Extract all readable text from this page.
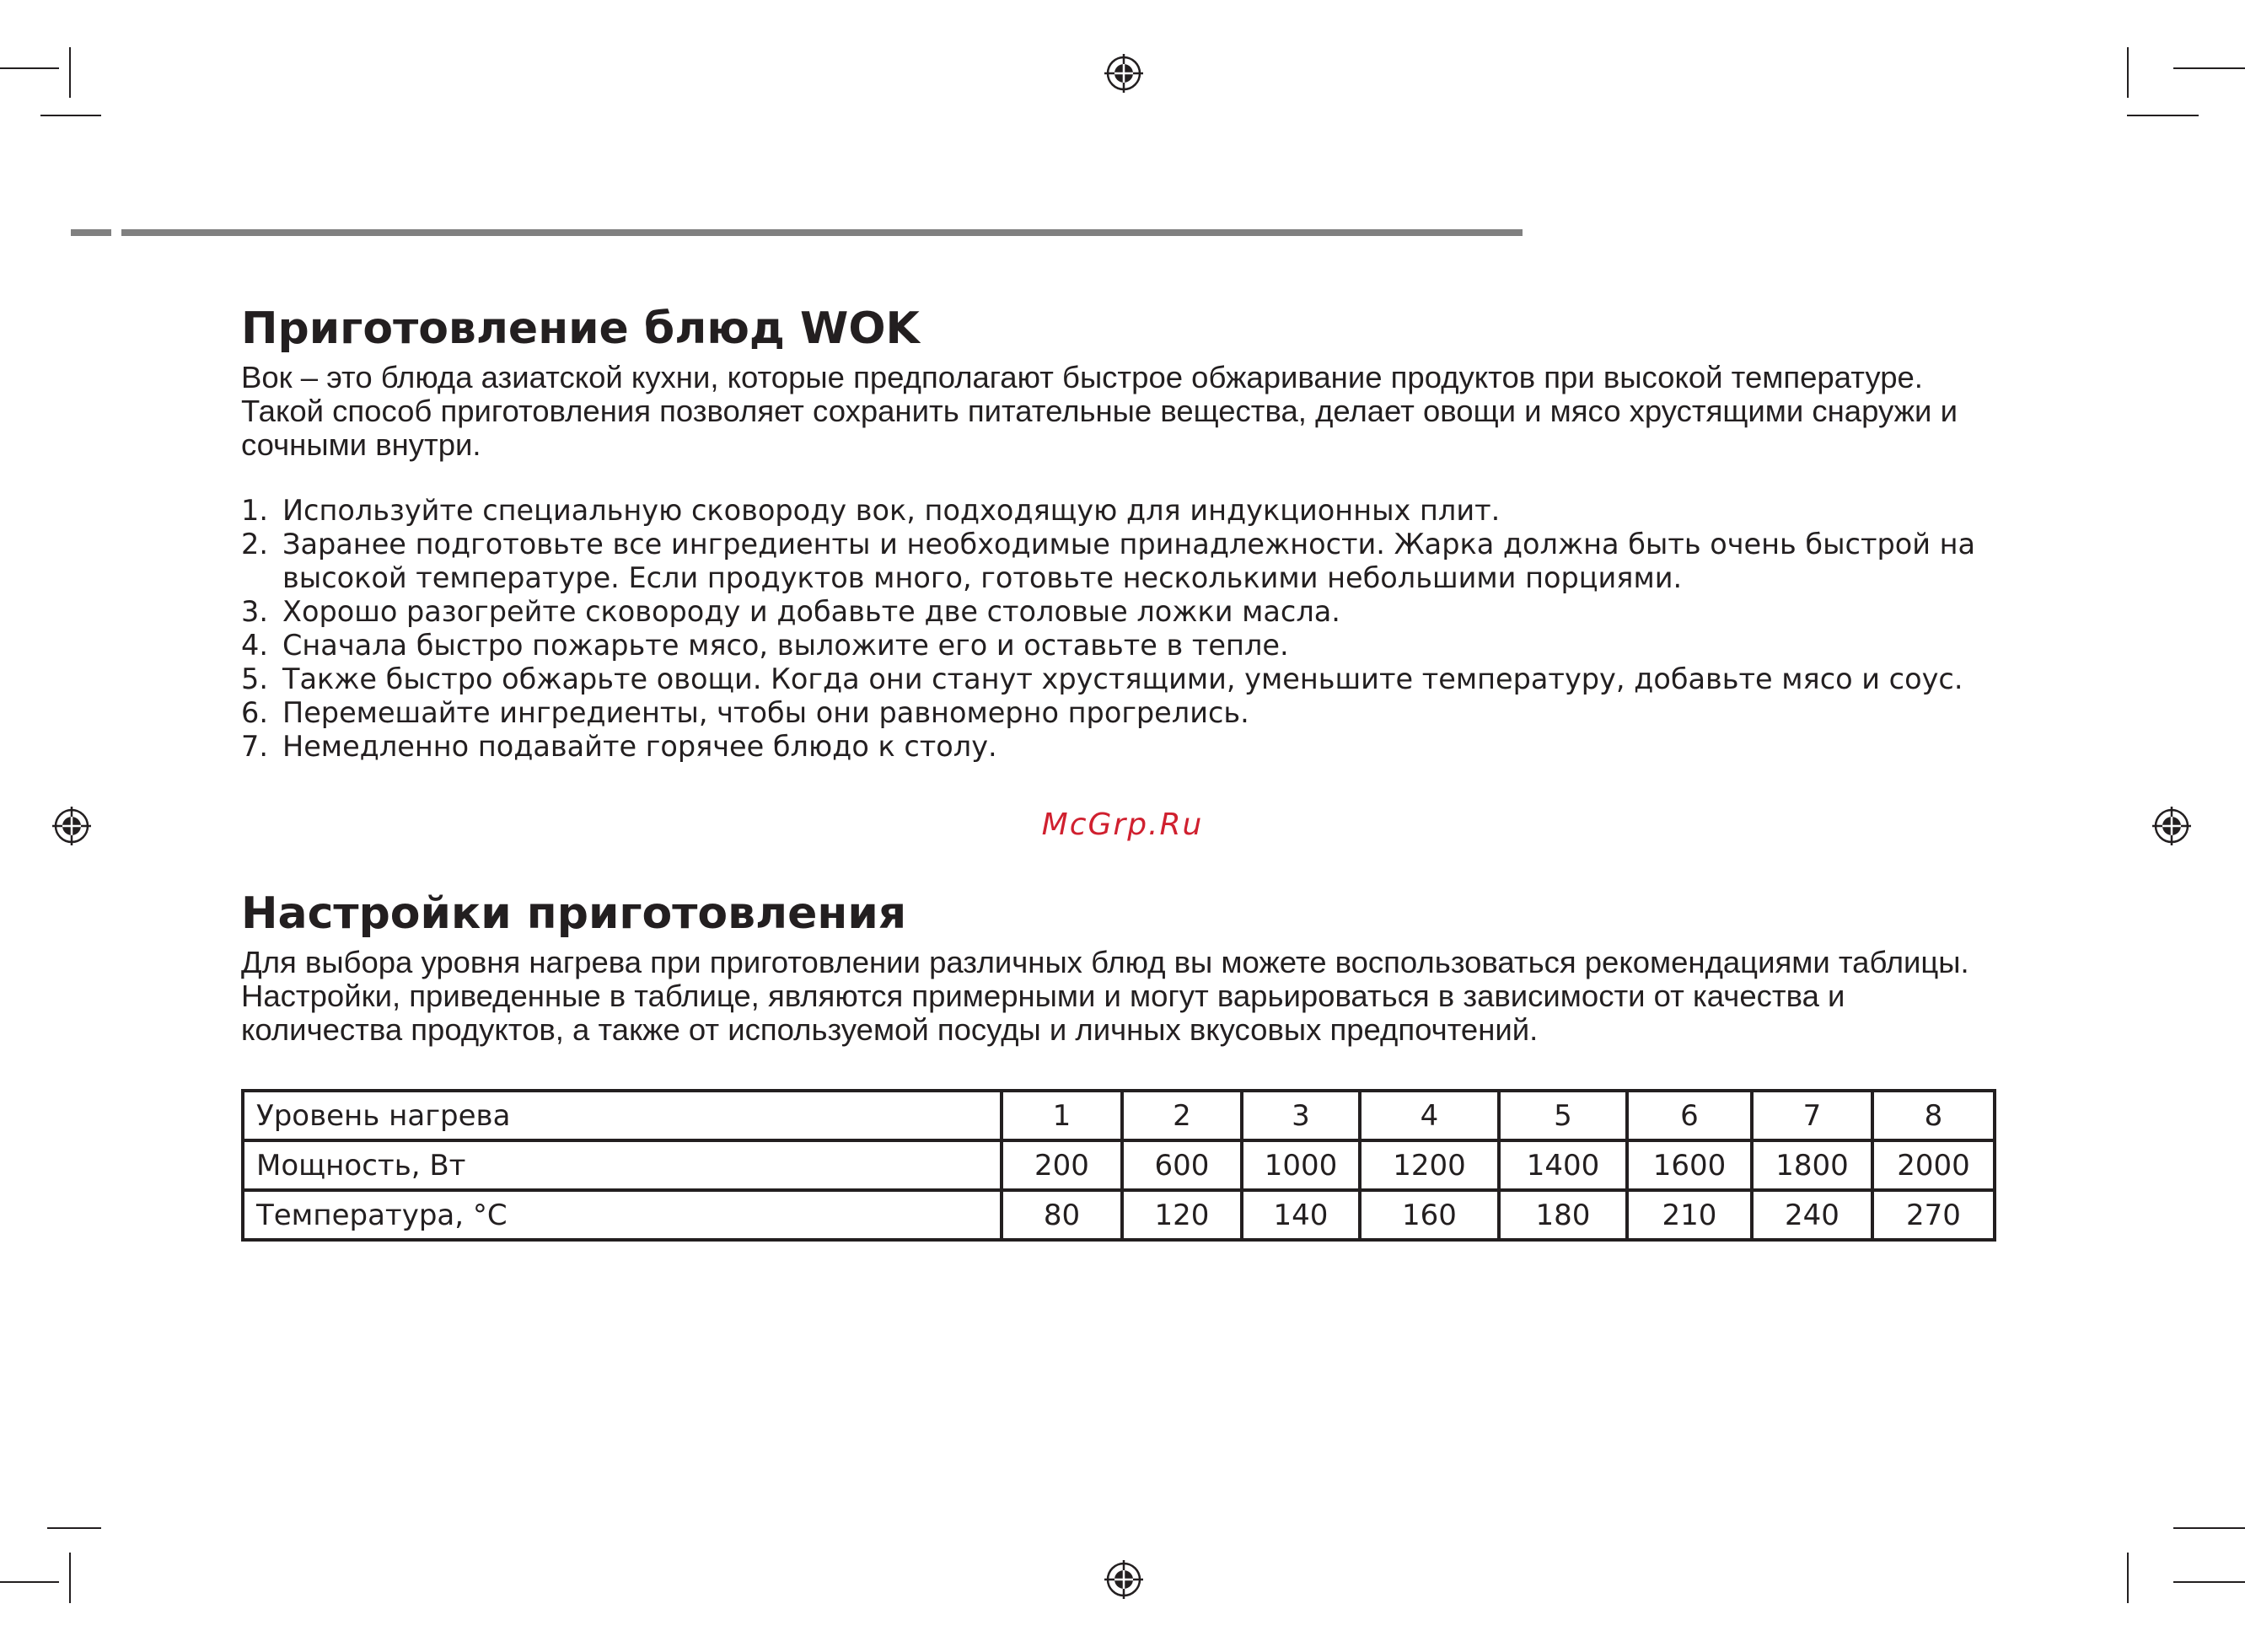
Приготовление блюд WOK

Вок – это блюда азиатской кухни, которые предполагают быстрое обжаривание продуктов при высокой температуре. Такой способ приготовления позволяет сохранить питательные вещества, делает овощи и мясо хрустящими снаружи и сочными внутри.

1. Используйте специальную сковороду вок, подходящую для индукционных плит.
2. Заранее подготовьте все ингредиенты и необходимые принадлежности. Жарка должна быть очень быстрой на высокой температуре. Если продуктов много, готовьте несколькими небольшими порциями.
3. Хорошо разогрейте сковороду и добавьте две столовые ложки масла.
4. Сначала быстро пожарьте мясо, выложите его и оставьте в тепле.
5. Также быстро обжарьте овощи. Когда они станут хрустящими, уменьшите температуру, добавьте мясо и соус.
6. Перемешайте ингредиенты, чтобы они равномерно прогрелись.
7. Немедленно подавайте горячее блюдо к столу.
McGrp.Ru
Настройки приготовления

Для выбора уровня нагрева при приготовлении различных блюд вы можете воспользоваться рекомендациями таблицы. Настройки, приведенные в таблице, являются примерными и могут варьироваться в зависимости от качества и количества продуктов, а также от используемой посуды и личных вкусовых предпочтений.

Уровень нагрева	1	2	3	4	5	6	7	8
Мощность, Вт	200	600	1000	1200	1400	1600	1800	2000
Температура, °С	80	120	140	160	180	210	240	270
